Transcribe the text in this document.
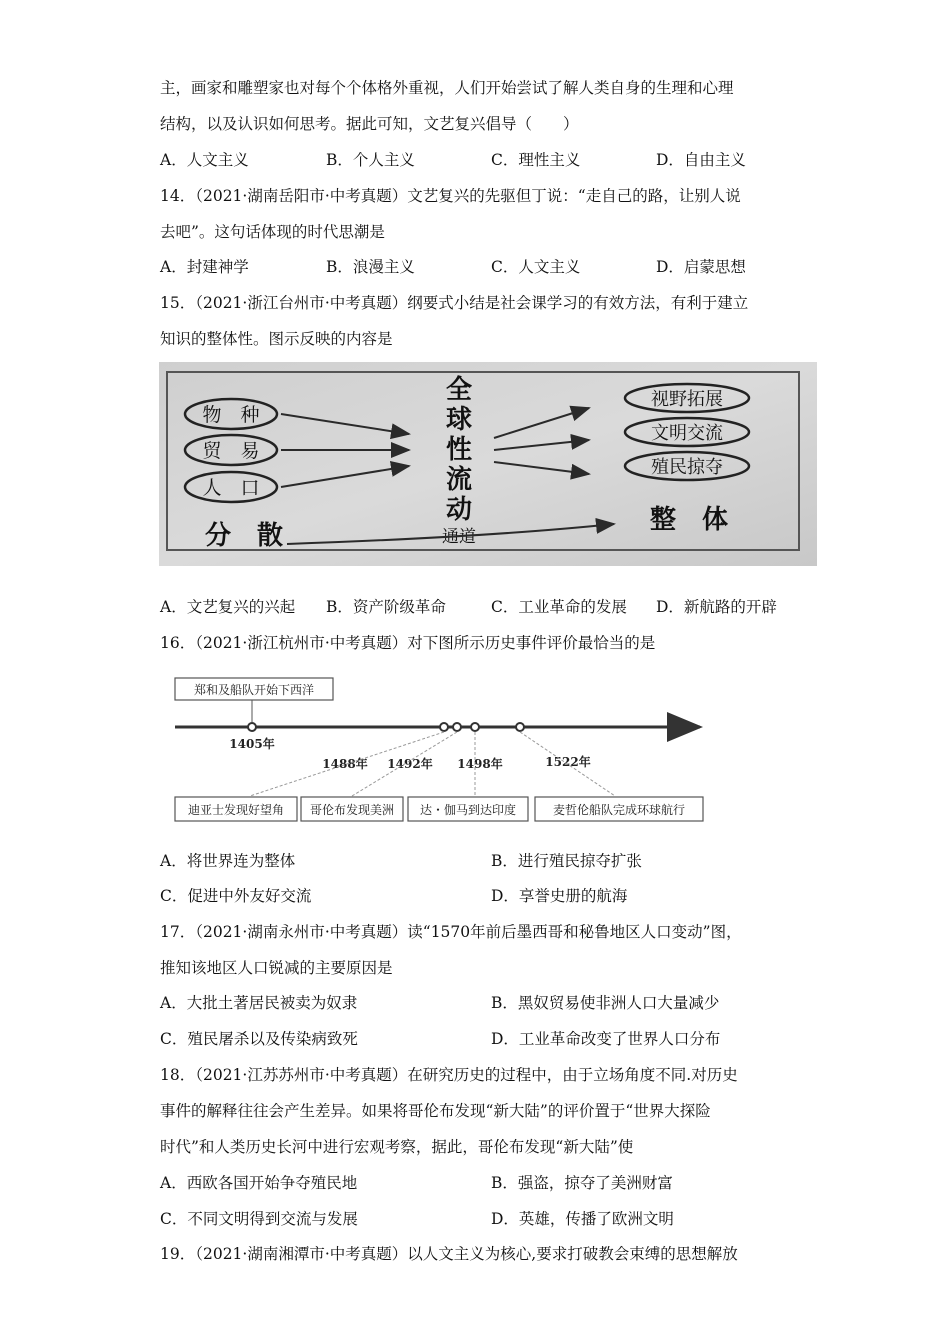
主，画家和雕塑家也对每个个体格外重视，人们开始尝试了解人类自身的生理和心理
结构，以及认识如何思考。据此可知，文艺复兴倡导（　　）
A．人文主义	B．个人主义	C．理性主义	D．自由主义
14．（2021·湖南岳阳市·中考真题）文艺复兴的先驱但丁说：“走自己的路，让别人说
去吧”。这句话体现的时代思潮是
A．封建神学	B．浪漫主义	C．人文主义	D．启蒙思想
15．（2021·浙江台州市·中考真题）纲要式小结是社会课学习的有效方法，有利于建立
知识的整体性。图示反映的内容是
物　种
贸　易
人　口
全
球
性
流
动
视野拓展
文明交流
殖民掠夺
分　散	通道
整　体
A．文艺复兴的兴起 B．资产阶级革命	C．工业革命的发展 D．新航路的开辟
16．（2021·浙江杭州市·中考真题）对下图所示历史事件评价最恰当的是
郑和及船队开始下西洋
1405年
1488年 1492年 1498年	1522年
迪亚士发现好望角 哥伦布发现美洲 达・伽马到达印度	麦哲伦船队完成环球航行
A．将世界连为整体	B．进行殖民掠夺扩张
C．促进中外友好交流	D．享誉史册的航海
17．（2021·湖南永州市·中考真题）读“1570年前后墨西哥和秘鲁地区人口变动”图，
推知该地区人口锐减的主要原因是
A．大批土著居民被卖为奴隶	B．黑奴贸易使非洲人口大量减少
C．殖民屠杀以及传染病致死	D．工业革命改变了世界人口分布
18．（2021·江苏苏州市·中考真题）在研究历史的过程中，由于立场角度不同.对历史
事件的解释往往会产生差异。如果将哥伦布发现“新大陆”的评价置于“世界大探险
时代”和人类历史长河中进行宏观考察，据此，哥伦布发现“新大陆”使
A．西欧各国开始争夺殖民地	B．强盗，掠夺了美洲财富
C．不同文明得到交流与发展	D．英雄，传播了欧洲文明
19．（2021·湖南湘潭市·中考真题）以人文主义为核心,要求打破教会束缚的思想解放
